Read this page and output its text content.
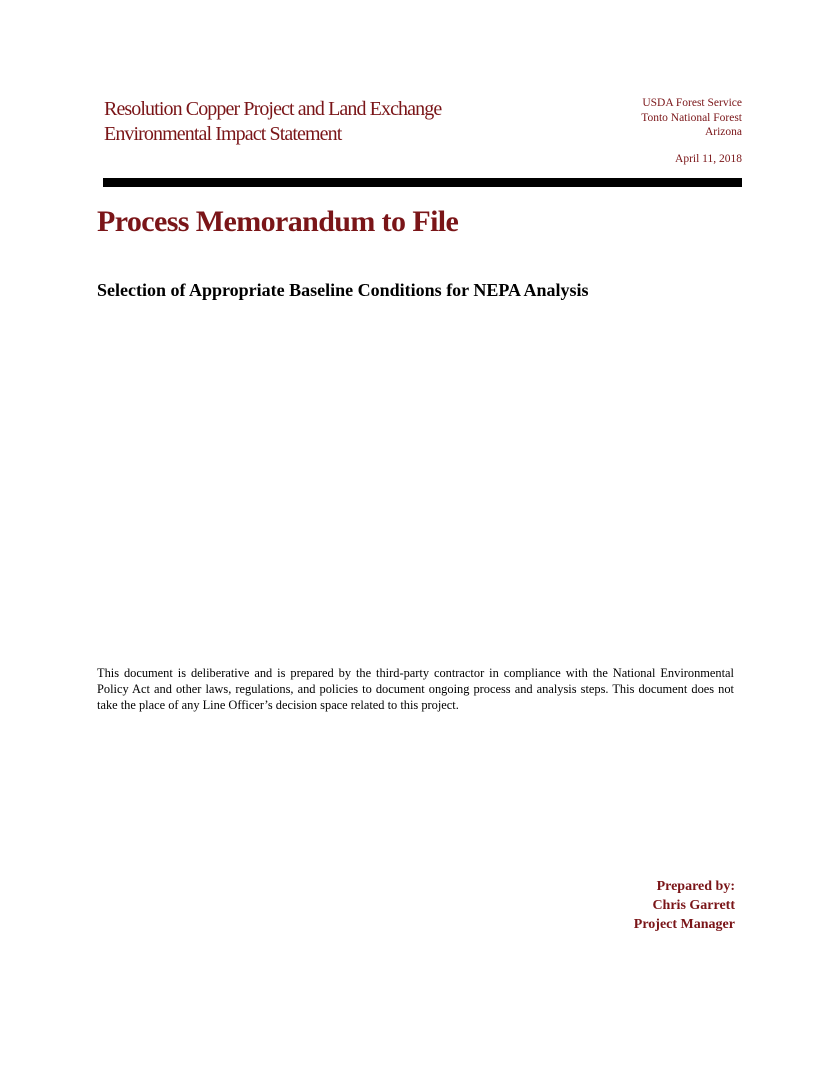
Resolution Copper Project and Land Exchange
Environmental Impact Statement
USDA Forest Service
Tonto National Forest
Arizona
April 11, 2018
Process Memorandum to File
Selection of Appropriate Baseline Conditions for NEPA Analysis
This document is deliberative and is prepared by the third-party contractor in compliance with the National Environmental Policy Act and other laws, regulations, and policies to document ongoing process and analysis steps. This document does not take the place of any Line Officer’s decision space related to this project.
Prepared by:
Chris Garrett
Project Manager
